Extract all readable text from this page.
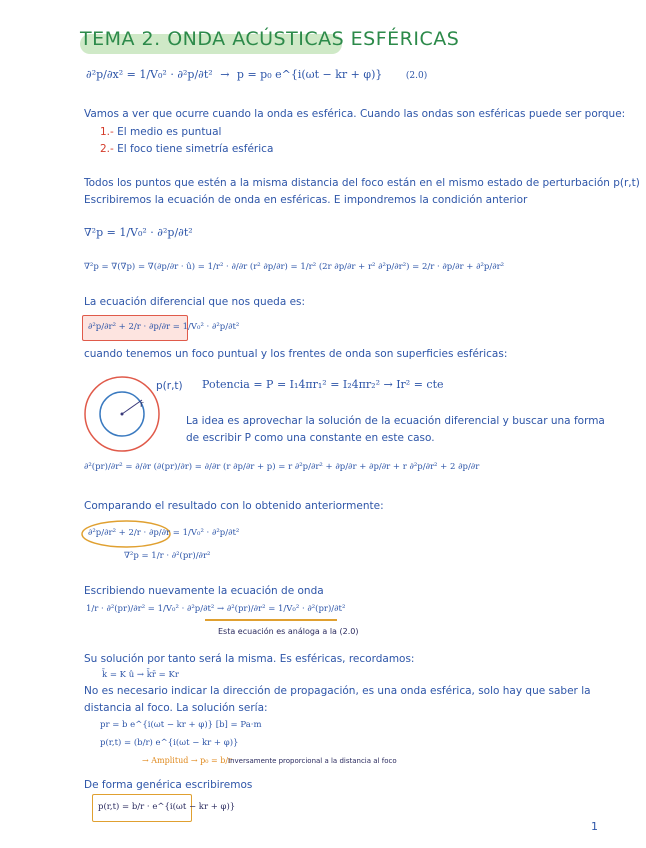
TEMA 2. ONDA ACÚSTICAS ESFÉRICAS
∂²p/∂x² = 1/V₀² · ∂²p/∂t² → p = p₀ e^{i(ωt − kr + φ)}	(2.0)
Vamos a ver que ocurre cuando la onda es esférica. Cuando las ondas son esféricas puede ser porque:
1.- El medio es puntual
2.- El foco tiene simetría esférica
Todos los puntos que estén a la misma distancia del foco están en el mismo estado de perturbación p(r,t)
Escribiremos la ecuación de onda en esféricas. E impondremos la condición anterior
∇²p = 1/V₀² · ∂²p/∂t²
∇²p = ∇(∇p) = ∇(∂p/∂r · û) = 1/r² · ∂/∂r (r² ∂p/∂r) = 1/r² (2r ∂p/∂r + r² ∂²p/∂r²) = 2/r · ∂p/∂r + ∂²p/∂r²
La ecuación diferencial que nos queda es:
∂²p/∂r² + 2/r · ∂p/∂r = 1/V₀² · ∂²p/∂t²
cuando tenemos un foco puntual y los frentes de onda son superficies esféricas:
p(r,t)
r
Potencia = P = I₁4πr₁² = I₂4πr₂² → Ir² = cte
La idea es aprovechar la solución de la ecuación diferencial y buscar una forma
de escribir P como una constante en este caso.
∂²(pr)/∂r² = ∂/∂r (∂(pr)/∂r) = ∂/∂r (r ∂p/∂r + p) = r ∂²p/∂r² + ∂p/∂r + ∂p/∂r + r ∂²p/∂r² + 2 ∂p/∂r
Comparando el resultado con lo obtenido anteriormente:
∂²p/∂r² + 2/r · ∂p/∂r = 1/V₀² · ∂²p/∂t²
∇²p = 1/r · ∂²(pr)/∂r²
Escribiendo nuevamente la ecuación de onda
1/r · ∂²(pr)/∂r² = 1/V₀² · ∂²p/∂t² → ∂²(pr)/∂r² = 1/V₀² · ∂²(pr)/∂t²
Esta ecuación es análoga a la (2.0)
Su solución por tanto será la misma. Es esféricas, recordamos:
k̄ = K û → k̄r̄ = Kr
No es necesario indicar la dirección de propagación, es una onda esférica, solo hay que saber la
distancia al foco. La solución sería:
pr = b e^{i(ωt − kr + φ)} [b] = Pa·m
p(r,t) = (b/r) e^{i(ωt − kr + φ)}
→ Amplitud → p₀ = b/r
Inversamente proporcional a la distancia al foco
De forma genérica escribiremos
p(r,t) = b/r · e^{i(ωt − kr + φ)}
1
